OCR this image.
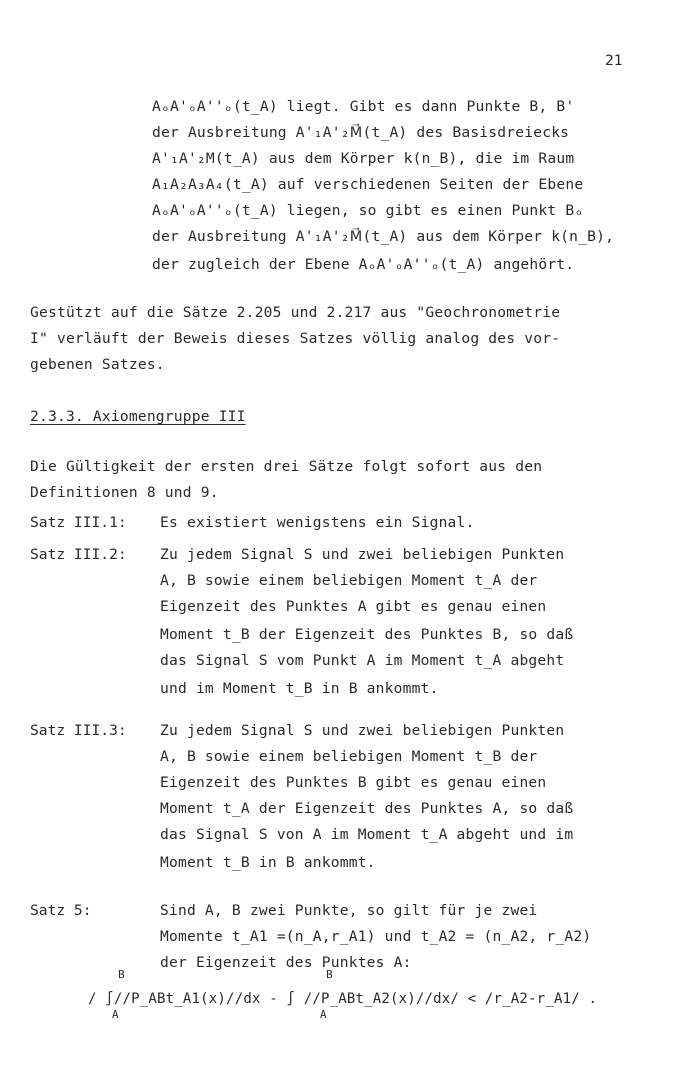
21
AₒA'ₒA''ₒ(t_A) liegt. Gibt es dann Punkte B, B'
der Ausbreitung A'₁A'₂M⃗(t_A) des Basisdreiecks
A'₁A'₂M(t_A) aus dem Körper k(n_B), die im Raum
A₁A₂A₃A₄(t_A) auf verschiedenen Seiten der Ebene
AₒA'ₒA''ₒ(t_A) liegen, so gibt es einen Punkt Bₒ
der Ausbreitung A'₁A'₂M⃗(t_A) aus dem Körper k(n_B),
der zugleich der Ebene AₒA'ₒA''ₒ(t_A) angehört.
Gestützt auf die Sätze 2.205 und 2.217 aus "Geochronometrie
I" verläuft der Beweis dieses Satzes völlig analog des vor-
gebenen Satzes.
2.3.3. Axiomengruppe III
Die Gültigkeit der ersten drei Sätze folgt sofort aus den
Definitionen 8 und 9.
Satz III.1: Es existiert wenigstens ein Signal.
Satz III.2: Zu jedem Signal S und zwei beliebigen Punkten
A, B sowie einem beliebigen Moment t_A der
Eigenzeit des Punktes A gibt es genau einen
Moment t_B der Eigenzeit des Punktes B, so daß
das Signal S vom Punkt A im Moment t_A abgeht
und im Moment t_B in B ankommt.
Satz III.3: Zu jedem Signal S und zwei beliebigen Punkten
A, B sowie einem beliebigen Moment t_B der
Eigenzeit des Punktes B gibt es genau einen
Moment t_A der Eigenzeit des Punktes A, so daß
das Signal S von A im Moment t_A abgeht und im
Moment t_B in B ankommt.
Satz 5:	Sind A, B zwei Punkte, so gilt für je zwei
Momente t_A1 =(n_A,r_A1) und t_A2 = (n_A2, r_A2)
der Eigenzeit des Punktes A:
B
A
B
A
/ ∫//P_ABt_A1(x)//dx - ∫ //P_ABt_A2(x)//dx/ < /r_A2-r_A1/ .
